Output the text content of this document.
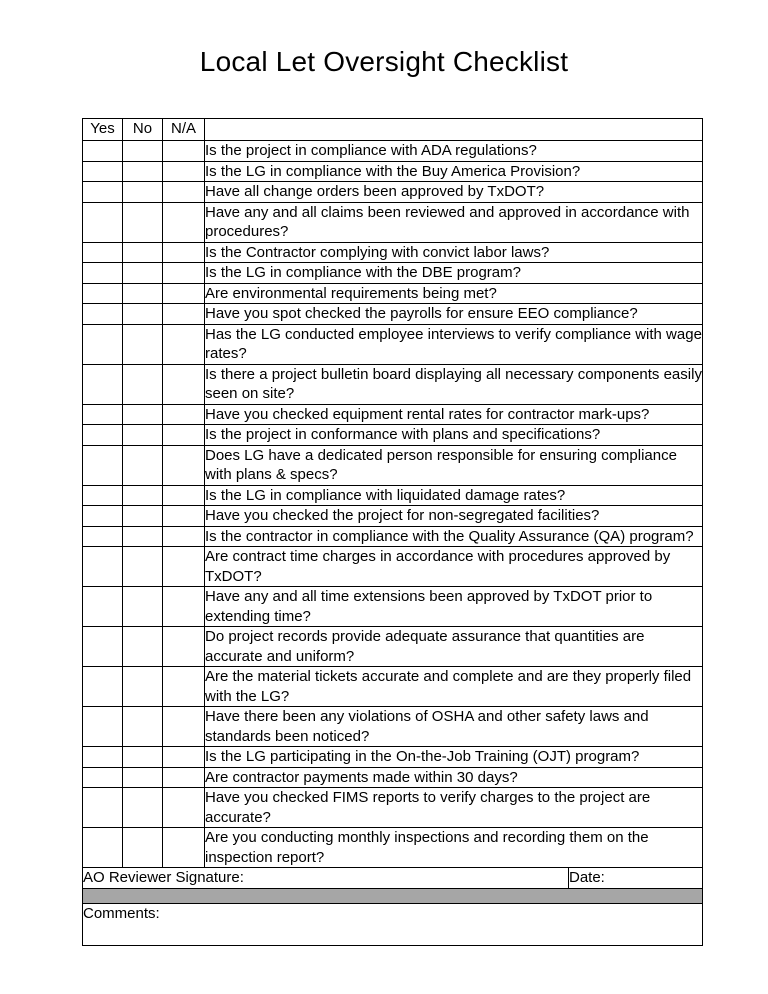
Local Let Oversight Checklist
Yes	No	N/A		
			Is the project in compliance with ADA regulations?	
			Is the LG in compliance with the Buy America Provision?	
			Have all change orders been approved by TxDOT?	
			Have any and all claims been reviewed and approved in accordance with procedures?	
			Is the Contractor complying with convict labor laws?	
			Is the LG in compliance with the DBE program?	
			Are environmental requirements being met?	
			Have you spot checked the payrolls for ensure EEO compliance?	
			Has the LG conducted employee interviews to verify compliance with wage rates?	
			Is there a project bulletin board displaying all necessary components easily seen on site?	
			Have you checked equipment rental rates for contractor mark-ups?	
			Is the project in conformance with plans and specifications?	
			Does LG have a dedicated person responsible for ensuring compliance with plans & specs?	
			Is the LG in compliance with liquidated damage rates?	
			Have you checked the project for non-segregated facilities?	
			Is the contractor in compliance with the Quality Assurance (QA) program?	
			Are contract time charges in accordance with procedures approved by TxDOT?	
			Have any and all time extensions been approved by TxDOT prior to extending time?	
			Do project records provide adequate assurance that quantities are accurate and uniform?	
			Are the material tickets accurate and complete and are they properly filed with the LG?	
			Have there been any violations of OSHA and other safety laws and standards been noticed?	
			Is the LG participating in the On-the-Job Training (OJT) program?	
			Are contractor payments made within 30 days?	
			Have you checked FIMS reports to verify charges to the project are accurate?	
			Are you conducting monthly inspections and recording them on the inspection report?	
AO Reviewer Signature:				Date:

Comments:				
